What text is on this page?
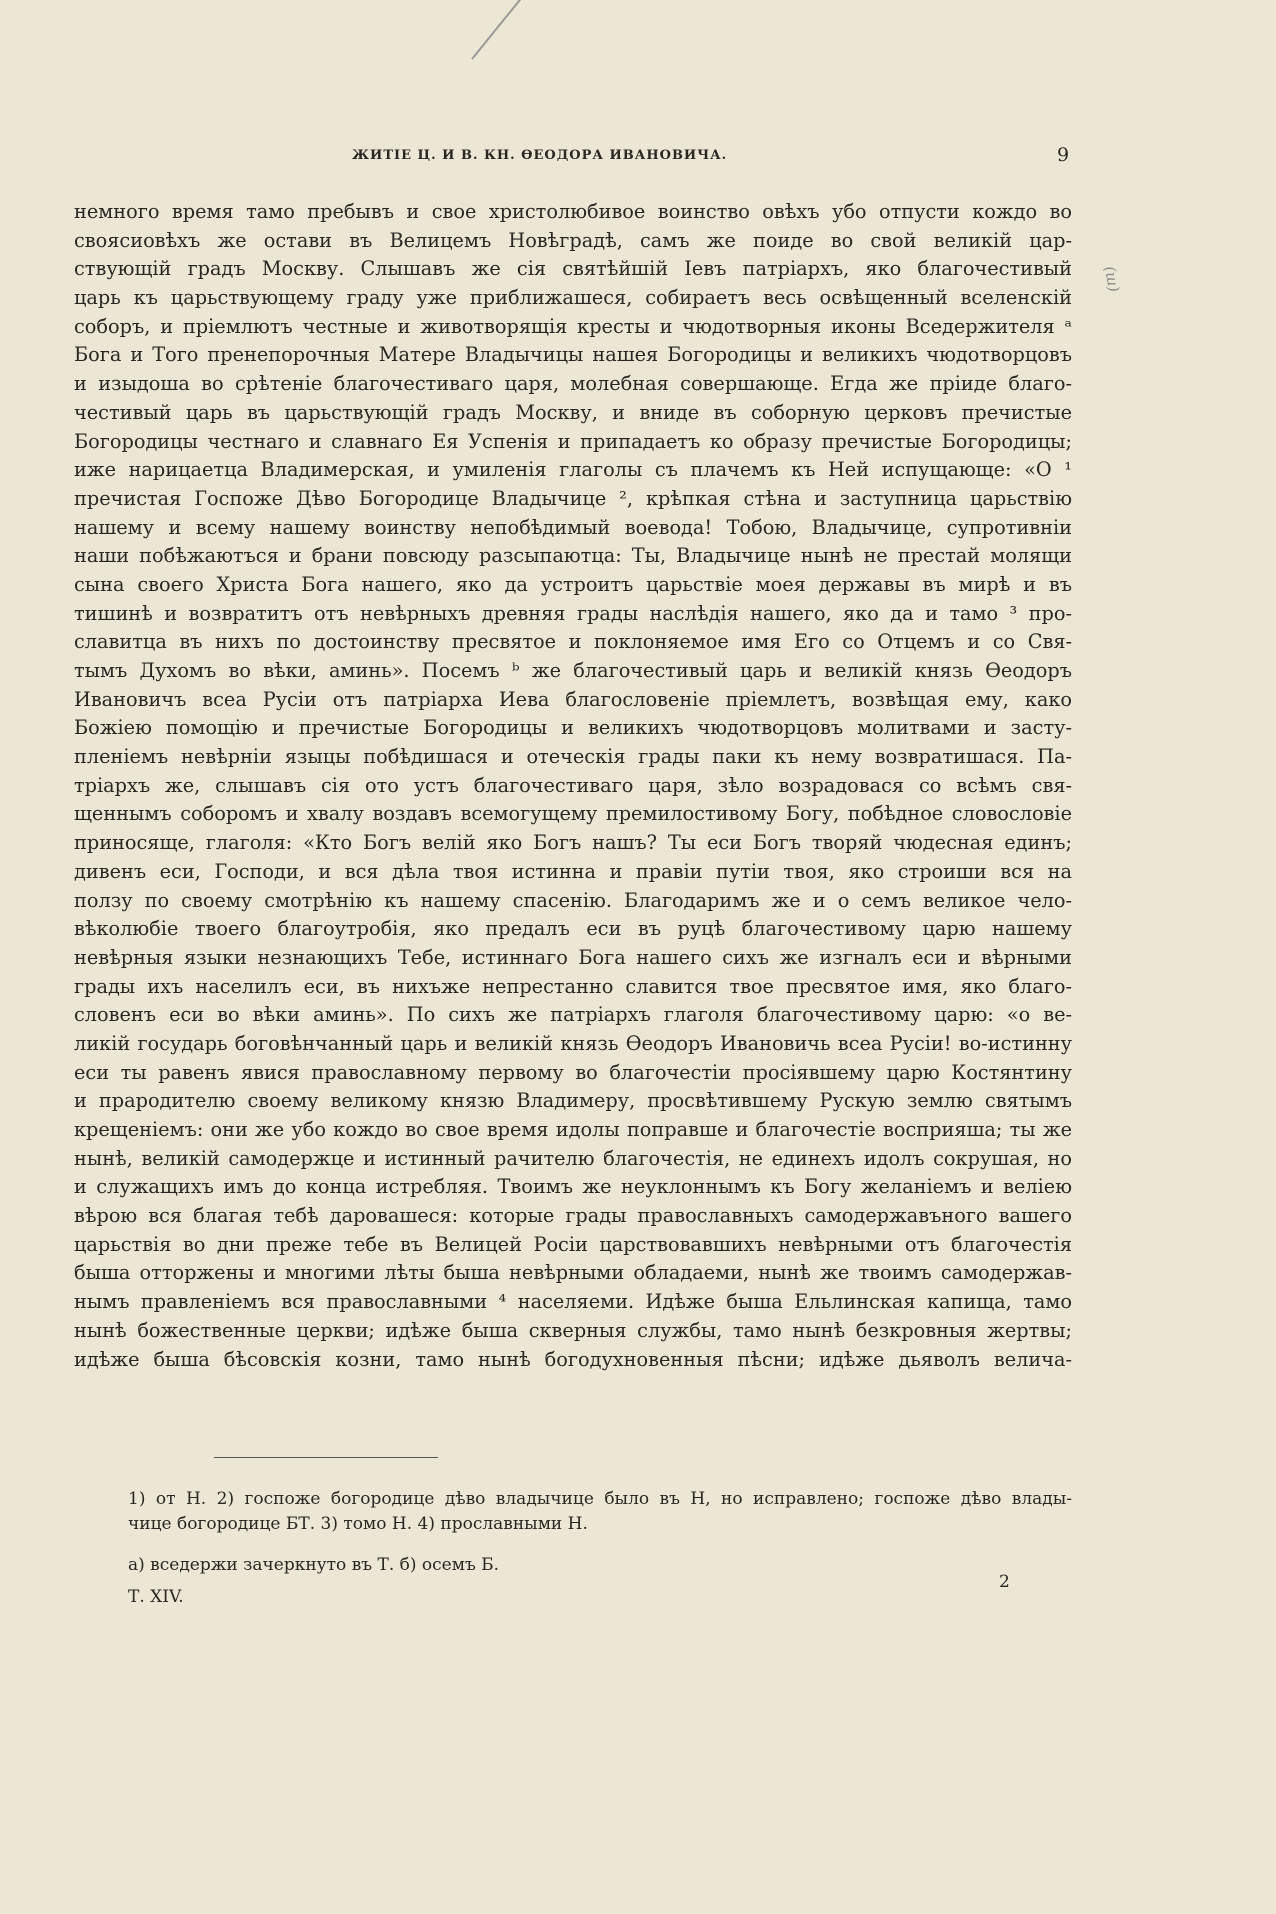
ЖИТІЕ Ц. И В. КН. ѲЕОДОРА ИВАНОВИЧА.	9
(ш)
немного время тамо пребывъ и свое христолюбивое воинство овѣхъ убо отпусти кождо во
своясиовѣхъ же остави въ Велицемъ Новѣградѣ, самъ же поиде во свой великій цар-
ствующій градъ Москву. Слышавъ же сія святѣйшій Іевъ патріархъ, яко благочестивый
царь къ царьствующему граду уже приближашеся, собираетъ весь освѣщенный вселенскій
соборъ, и пріемлютъ честные и животворящія кресты и чюдотворныя иконы Вседержителя ᵃ
Бога и Того пренепорочныя Матере Владычицы нашея Богородицы и великихъ чюдотворцовъ
и изыдоша во срѣтеніе благочестиваго царя, молебная совершающе. Егда же пріиде благо-
честивый царь въ царьствующій градъ Москву, и вниде въ соборную церковъ пречистые
Богородицы честнаго и славнаго Ея Успенія и припадаетъ ко образу пречистые Богородицы;
иже нарицаетца Владимерская, и умиленія глаголы съ плачемъ къ Ней испущающе: «О ¹
пречистая Госпоже Дѣво Богородице Владычице ², крѣпкая стѣна и заступница царьствію
нашему и всему нашему воинству непобѣдимый воевода! Тобою, Владычице, супротивніи
наши побѣжаютъся и брани повсюду разсыпаютца: Ты, Владычице нынѣ не престай молящи
сына своего Христа Бога нашего, яко да устроитъ царьствіе моея державы въ мирѣ и въ
тишинѣ и возвратитъ отъ невѣрныхъ древняя грады наслѣдія нашего, яко да и тамо ³ про-
славитца въ нихъ по достоинству пресвятое и поклоняемое имя Его со Отцемъ и со Свя-
тымъ Духомъ во вѣки, аминь». Посемъ ᵇ же благочестивый царь и великій князь Ѳеодоръ
Ивановичъ всеа Русіи отъ патріарха Иева благословеніе пріемлетъ, возвѣщая ему, како
Божіею помощію и пречистые Богородицы и великихъ чюдотворцовъ молитвами и засту-
пленіемъ невѣрніи языцы побѣдишася и отеческія грады паки къ нему возвратишася. Па-
тріархъ же, слышавъ сія ото устъ благочестиваго царя, зѣло возрадовася со всѣмъ свя-
щеннымъ соборомъ и хвалу воздавъ всемогущему премилостивому Богу, побѣдное словословіе
приносяще, глаголя: «Кто Богъ велій яко Богъ нашъ? Ты еси Богъ творяй чюдесная единъ;
дивенъ еси, Господи, и вся дѣла твоя истинна и правіи путіи твоя, яко строиши вся на
ползу по своему смотрѣнію къ нашему спасенію. Благодаримъ же и о семъ великое чело-
вѣколюбіе твоего благоутробія, яко предалъ еси въ руцѣ благочестивому царю нашему
невѣрныя языки незнающихъ Тебе, истиннаго Бога нашего сихъ же изгналъ еси и вѣрными
грады ихъ населилъ еси, въ нихъже непрестанно славится твое пресвятое имя, яко благо-
словенъ еси во вѣки аминь». По сихъ же патріархъ глаголя благочестивому царю: «о ве-
ликій государь боговѣнчанный царь и великій князь Ѳеодоръ Ивановичь всеа Русіи! во-истинну
еси ты равенъ явися православному первому во благочестіи просіявшему царю Костянтину
и прародителю своему великому князю Владимеру, просвѣтившему Рускую землю святымъ
крещеніемъ: они же убо кождо во свое время идолы поправше и благочестіе восприяша; ты же
нынѣ, великій самодержце и истинный рачителю благочестія, не единехъ идолъ сокрушая, но
и служащихъ имъ до конца истребляя. Твоимъ же неуклоннымъ къ Богу желаніемъ и веліею
вѣрою вся благая тебѣ даровашеся: которые грады православныхъ самодержавъного вашего
царьствія во дни преже тебе въ Велицей Росіи царствовавшихъ невѣрными отъ благочестія
быша отторжены и многими лѣты быша невѣрными обладаеми, нынѣ же твоимъ самодержав-
нымъ правленіемъ вся православными ⁴ населяеми. Идѣже быша Ельлинская капища, тамо
нынѣ божественные церкви; идѣже быша скверныя службы, тамо нынѣ безкровныя жертвы;
идѣже быша бѣсовскія козни, тамо нынѣ богодухновенныя пѣсни; идѣже дьяволъ велича-
1) от Н. 2) госпоже богородице дѣво владычице было въ Н, но исправлено; госпоже дѣво влады-
чице богородице БТ. 3) томо Н. 4) прославными Н.
а) вседержи зачеркнуто въ Т. б) осемъ Б.
Т. XIV.
2
